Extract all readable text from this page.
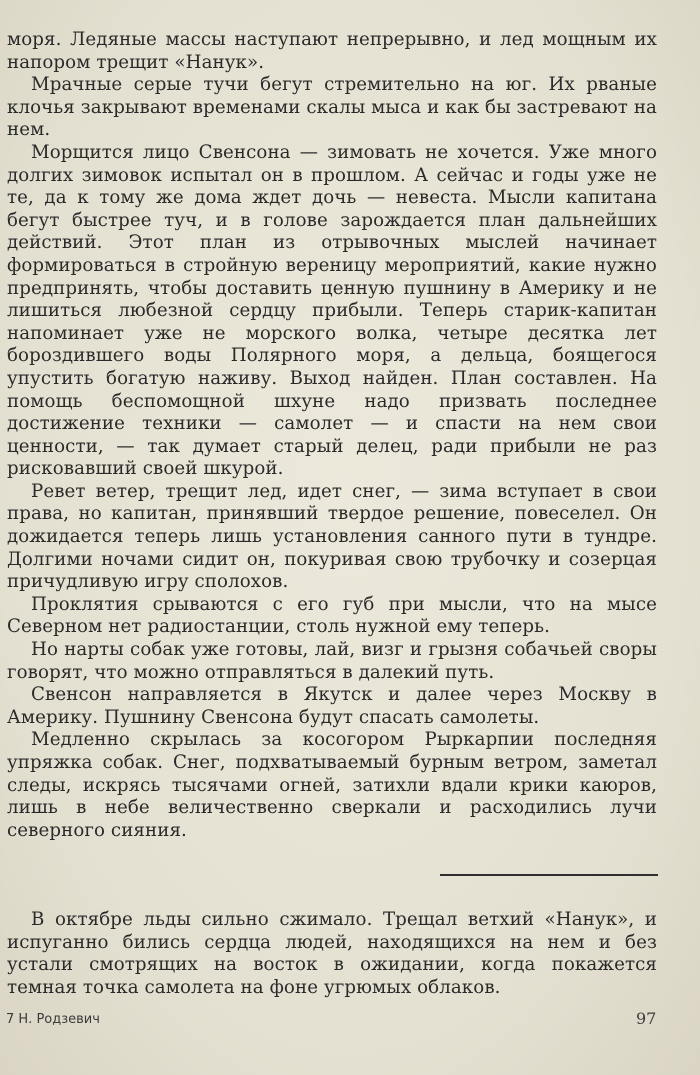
моря. Ледяные массы наступают непрерывно, и лед мощным их напором трещит «Нанук».

Мрачные серые тучи бегут стремительно на юг. Их рваные клочья закрывают временами скалы мыса и как бы застревают на нем.

Морщится лицо Свенсона — зимовать не хочется. Уже много долгих зимовок испытал он в прошлом. А сейчас и годы уже не те, да к тому же дома ждет дочь — невеста. Мысли капитана бегут быстрее туч, и в голове зарождается план дальнейших действий. Этот план из отрывочных мыслей начинает формироваться в стройную вереницу мероприятий, какие нужно предпринять, чтобы доставить ценную пушнину в Америку и не лишиться любезной сердцу прибыли. Теперь старик-капитан напоминает уже не морского волка, четыре десятка лет бороздившего воды Полярного моря, а дельца, боящегося упустить богатую наживу. Выход найден. План составлен. На помощь беспомощной шхуне надо призвать последнее достижение техники — самолет — и спасти на нем свои ценности, — так думает старый делец, ради прибыли не раз рисковавший своей шкурой.

Ревет ветер, трещит лед, идет снег, — зима вступает в свои права, но капитан, принявший твердое решение, повеселел. Он дожидается теперь лишь установления санного пути в тундре. Долгими ночами сидит он, покуривая свою трубочку и созерцая причудливую игру сполохов.

Проклятия срываются с его губ при мысли, что на мысе Северном нет радиостанции, столь нужной ему теперь.

Но нарты собак уже готовы, лай, визг и грызня собачьей своры говорят, что можно отправляться в далекий путь.

Свенсон направляется в Якутск и далее через Москву в Америку. Пушнину Свенсона будут спасать самолеты.

Медленно скрылась за косогором Рыркарпии последняя упряжка собак. Снег, подхватываемый бурным ветром, заметал следы, искрясь тысячами огней, затихли вдали крики каюров, лишь в небе величественно сверкали и расходились лучи северного сияния.

В октябре льды сильно сжимало. Трещал ветхий «Нанук», и испуганно бились сердца людей, находящихся на нем и без устали смотрящих на восток в ожидании, когда покажется темная точка самолета на фоне угрюмых облаков.

7 Н. Родзевич	97
